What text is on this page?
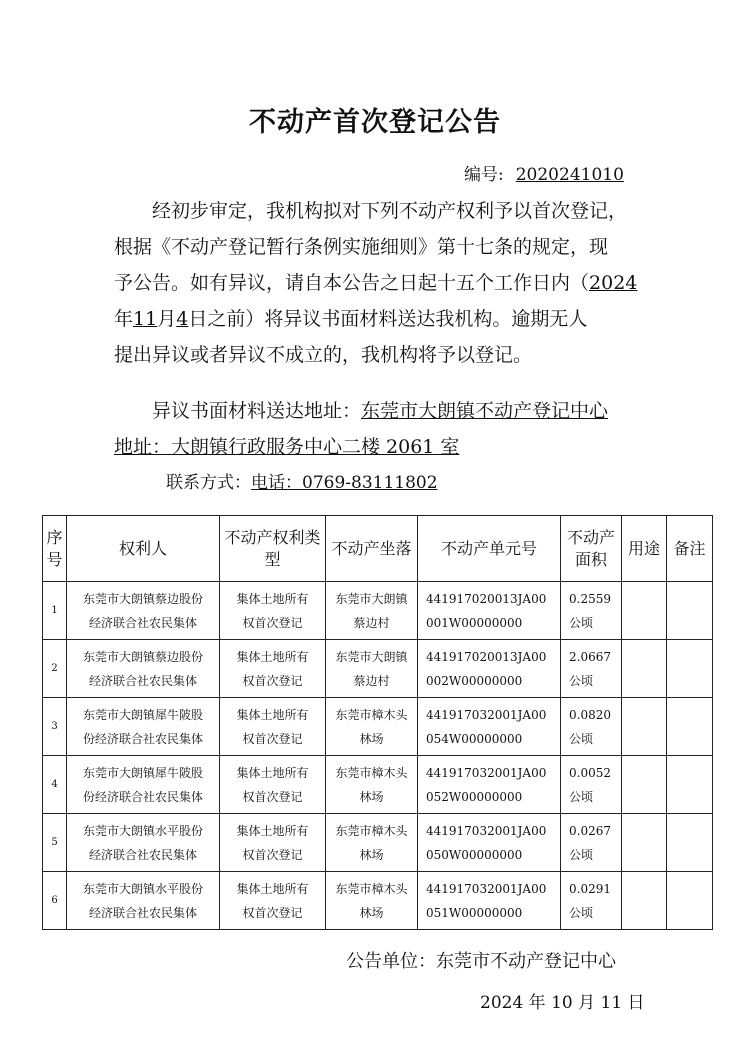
不动产首次登记公告
编号: 2020241010
经初步审定，我机构拟对下列不动产权利予以首次登记，
根据《不动产登记暂行条例实施细则》第十七条的规定，现
予公告。如有异议，请自本公告之日起十五个工作日内（2024
年11月4日之前）将异议书面材料送达我机构。逾期无人
提出异议或者异议不成立的，我机构将予以登记。
异议书面材料送达地址：东莞市大朗镇不动产登记中心
地址：大朗镇行政服务中心二楼 2061 室
联系方式：电话：0769-83111802
序
号	权利人	不动产权利类
型	不动产坐落	不动产单元号	不动产
面积	用途	备注
1	东莞市大朗镇蔡边股份
经济联合社农民集体	集体土地所有
权首次登记	东莞市大朗镇
蔡边村	441917020013JA00
001W00000000	0.2559
公顷		
2	东莞市大朗镇蔡边股份
经济联合社农民集体	集体土地所有
权首次登记	东莞市大朗镇
蔡边村	441917020013JA00
002W00000000	2.0667
公顷		
3	东莞市大朗镇犀牛陂股
份经济联合社农民集体	集体土地所有
权首次登记	东莞市樟木头
林场	441917032001JA00
054W00000000	0.0820
公顷		
4	东莞市大朗镇犀牛陂股
份经济联合社农民集体	集体土地所有
权首次登记	东莞市樟木头
林场	441917032001JA00
052W00000000	0.0052
公顷		
5	东莞市大朗镇水平股份
经济联合社农民集体	集体土地所有
权首次登记	东莞市樟木头
林场	441917032001JA00
050W00000000	0.0267
公顷		
6	东莞市大朗镇水平股份
经济联合社农民集体	集体土地所有
权首次登记	东莞市樟木头
林场	441917032001JA00
051W00000000	0.0291
公顷		
公告单位：东莞市不动产登记中心
2024 年 10 月 11 日
